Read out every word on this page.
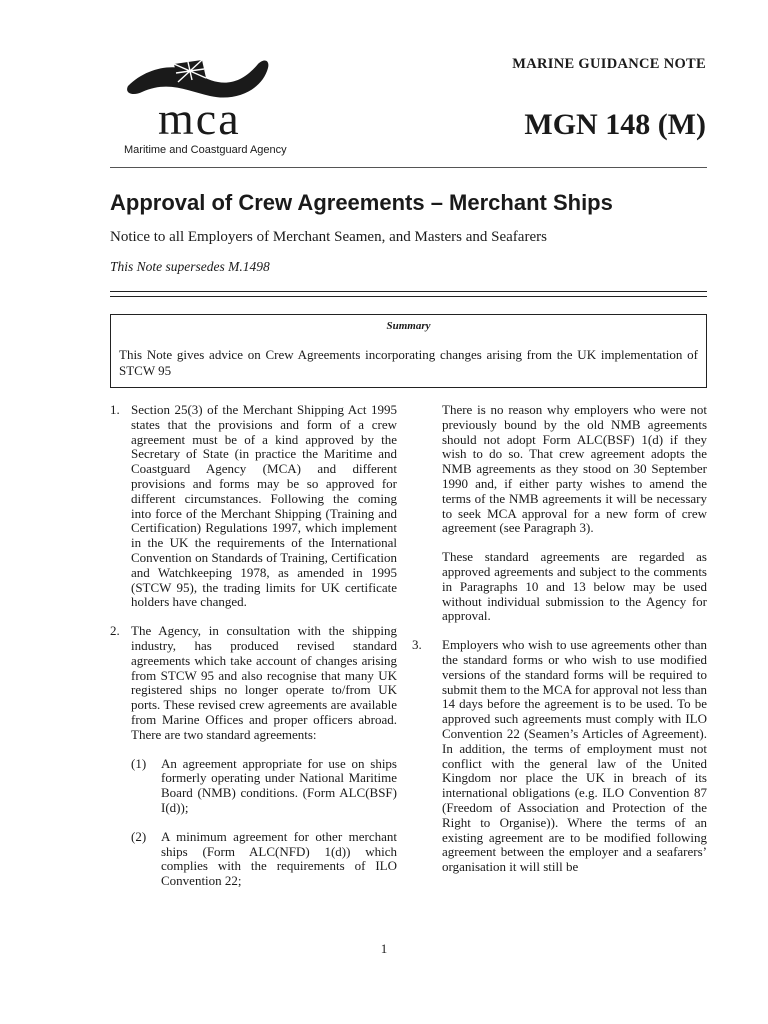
mca
Maritime and Coastguard Agency
MARINE GUIDANCE NOTE
MGN 148 (M)
Approval of Crew Agreements – Merchant Ships
Notice to all Employers of Merchant Seamen, and Masters and Seafarers
This Note supersedes M.1498
Summary
This Note gives advice on Crew Agreements incorporating changes arising from the UK implementation of STCW 95

1. Section 25(3) of the Merchant Shipping Act 1995 states that the provisions and form of a crew agreement must be of a kind approved by the Secretary of State (in practice the Maritime and Coastguard Agency (MCA) and different provisions and forms may be so approved for different circumstances. Following the coming into force of the Merchant Shipping (Training and Certification) Regulations 1997, which implement in the UK the requirements of the International Convention on Standards of Training, Certification and Watchkeeping 1978, as amended in 1995 (STCW 95), the trading limits for UK certificate holders have changed.

2. The Agency, in consultation with the shipping industry, has produced revised standard agreements which take account of changes arising from STCW 95 and also recognise that many UK registered ships no longer operate to/from UK ports. These revised crew agreements are available from Marine Offices and proper officers abroad. There are two standard agreements:

(1) An agreement appropriate for use on ships formerly operating under National Maritime Board (NMB) conditions. (Form ALC(BSF) I(d));

(2) A minimum agreement for other merchant ships (Form ALC(NFD) 1(d)) which complies with the requirements of ILO Convention 22;

There is no reason why employers who were not previously bound by the old NMB agreements should not adopt Form ALC(BSF) 1(d) if they wish to do so. That crew agreement adopts the NMB agreements as they stood on 30 September 1990 and, if either party wishes to amend the terms of the NMB agreements it will be necessary to seek MCA approval for a new form of crew agreement (see Paragraph 3).

These standard agreements are regarded as approved agreements and subject to the comments in Paragraphs 10 and 13 below may be used without individual submission to the Agency for approval.

3. Employers who wish to use agreements other than the standard forms or who wish to use modified versions of the standard forms will be required to submit them to the MCA for approval not less than 14 days before the agreement is to be used. To be approved such agreements must comply with ILO Convention 22 (Seamen’s Articles of Agreement). In addition, the terms of employment must not conflict with the general law of the United Kingdom nor place the UK in breach of its international obligations (e.g. ILO Convention 87 (Freedom of Association and Protection of the Right to Organise)). Where the terms of an existing agreement are to be modified following agreement between the employer and a seafarers’ organisation it will still be

1
